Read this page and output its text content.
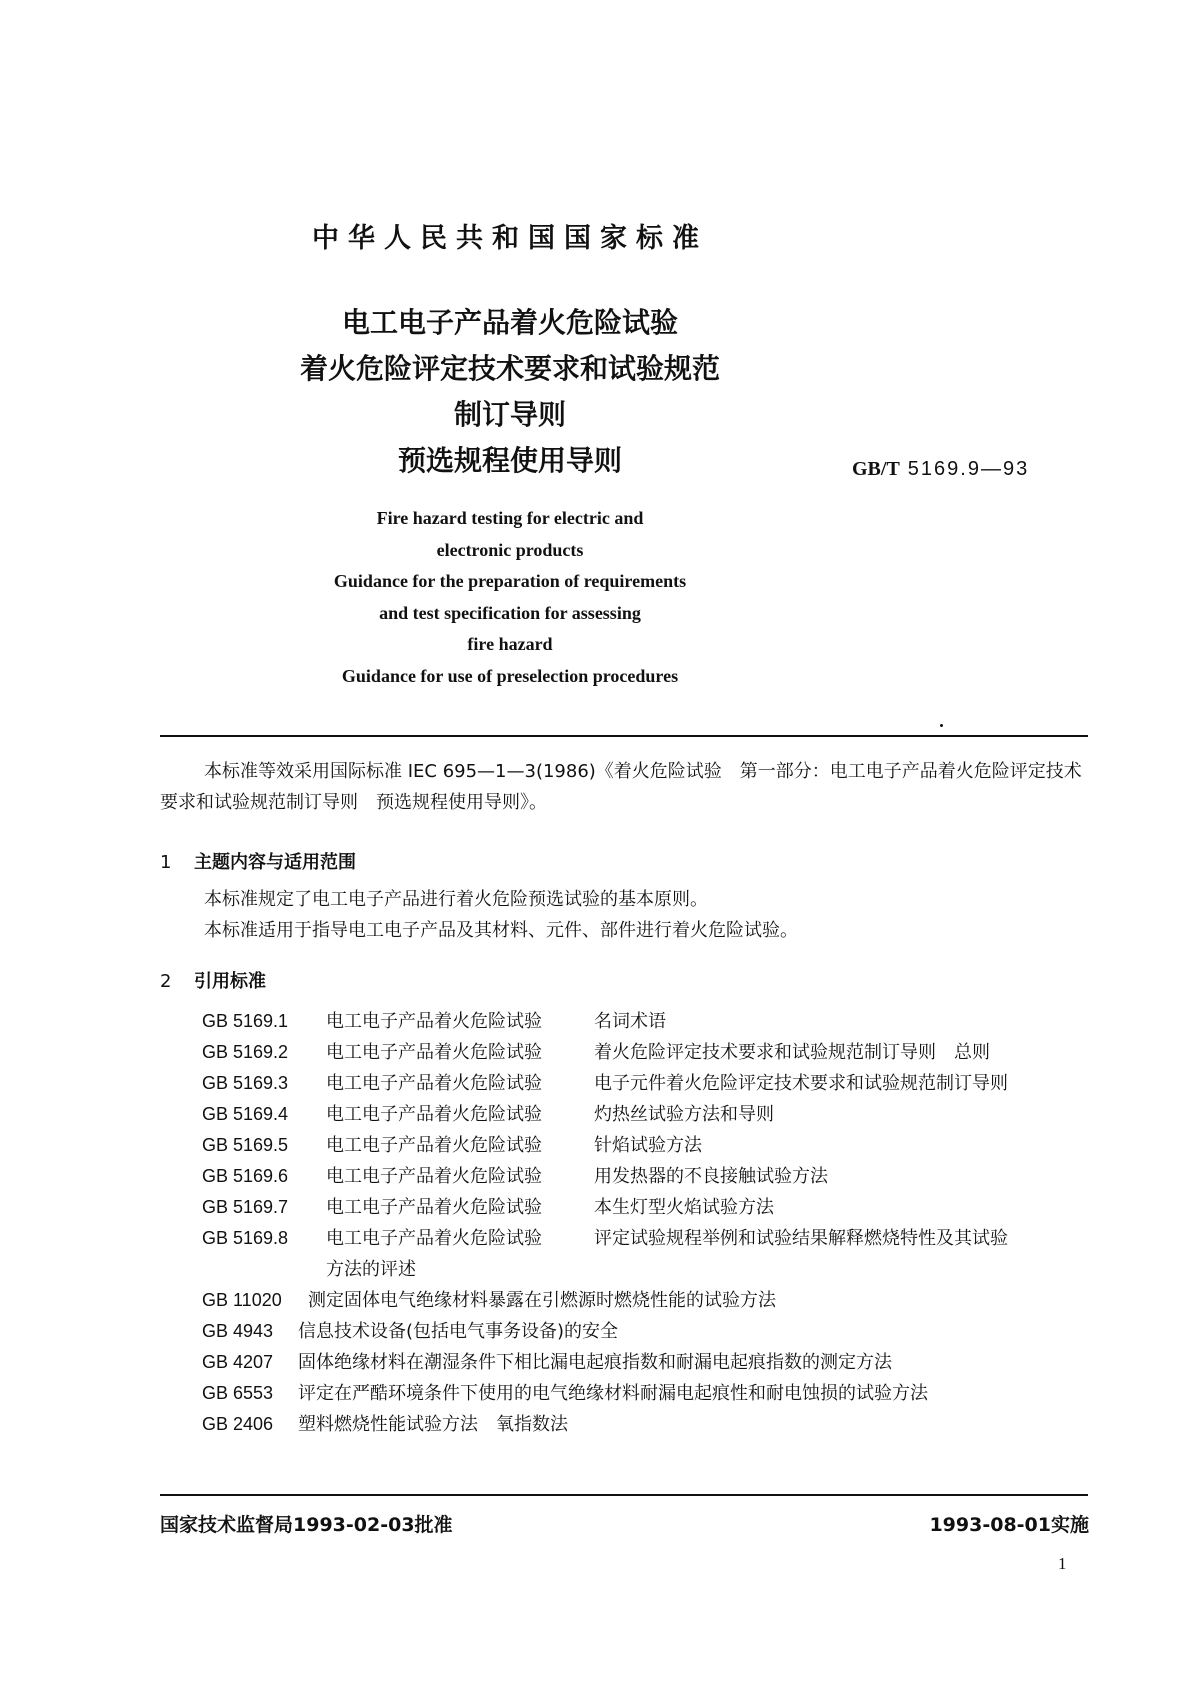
中华人民共和国国家标准
电工电子产品着火危险试验
着火危险评定技术要求和试验规范
制订导则
预选规程使用导则	GB/T 5169.9—93
Fire hazard testing for electric and
electronic products
Guidance for the preparation of requirements
and test specification for assessing
fire hazard
Guidance for use of preselection procedures
本标准等效采用国际标准 IEC 695—1—3(1986)《着火危险试验　第一部分：电工电子产品着火危险评定技术要求和试验规范制订导则　预选规程使用导则》。
1 主题内容与适用范围
本标准规定了电工电子产品进行着火危险预选试验的基本原则。
本标准适用于指导电工电子产品及其材料、元件、部件进行着火危险试验。
2 引用标准
GB 5169.1 电工电子产品着火危险试验	名词术语
GB 5169.2 电工电子产品着火危险试验	着火危险评定技术要求和试验规范制订导则　总则
GB 5169.3 电工电子产品着火危险试验	电子元件着火危险评定技术要求和试验规范制订导则
GB 5169.4 电工电子产品着火危险试验	灼热丝试验方法和导则
GB 5169.5 电工电子产品着火危险试验	针焰试验方法
GB 5169.6 电工电子产品着火危险试验	用发热器的不良接触试验方法
GB 5169.7 电工电子产品着火危险试验	本生灯型火焰试验方法
GB 5169.8 电工电子产品着火危险试验	评定试验规程举例和试验结果解释燃烧特性及其试验
方法的评述
GB 11020 测定固体电气绝缘材料暴露在引燃源时燃烧性能的试验方法
GB 4943 信息技术设备(包括电气事务设备)的安全
GB 4207 固体绝缘材料在潮湿条件下相比漏电起痕指数和耐漏电起痕指数的测定方法
GB 6553 评定在严酷环境条件下使用的电气绝缘材料耐漏电起痕性和耐电蚀损的试验方法
GB 2406 塑料燃烧性能试验方法　氧指数法
国家技术监督局1993-02-03批准	1993-08-01实施
1
